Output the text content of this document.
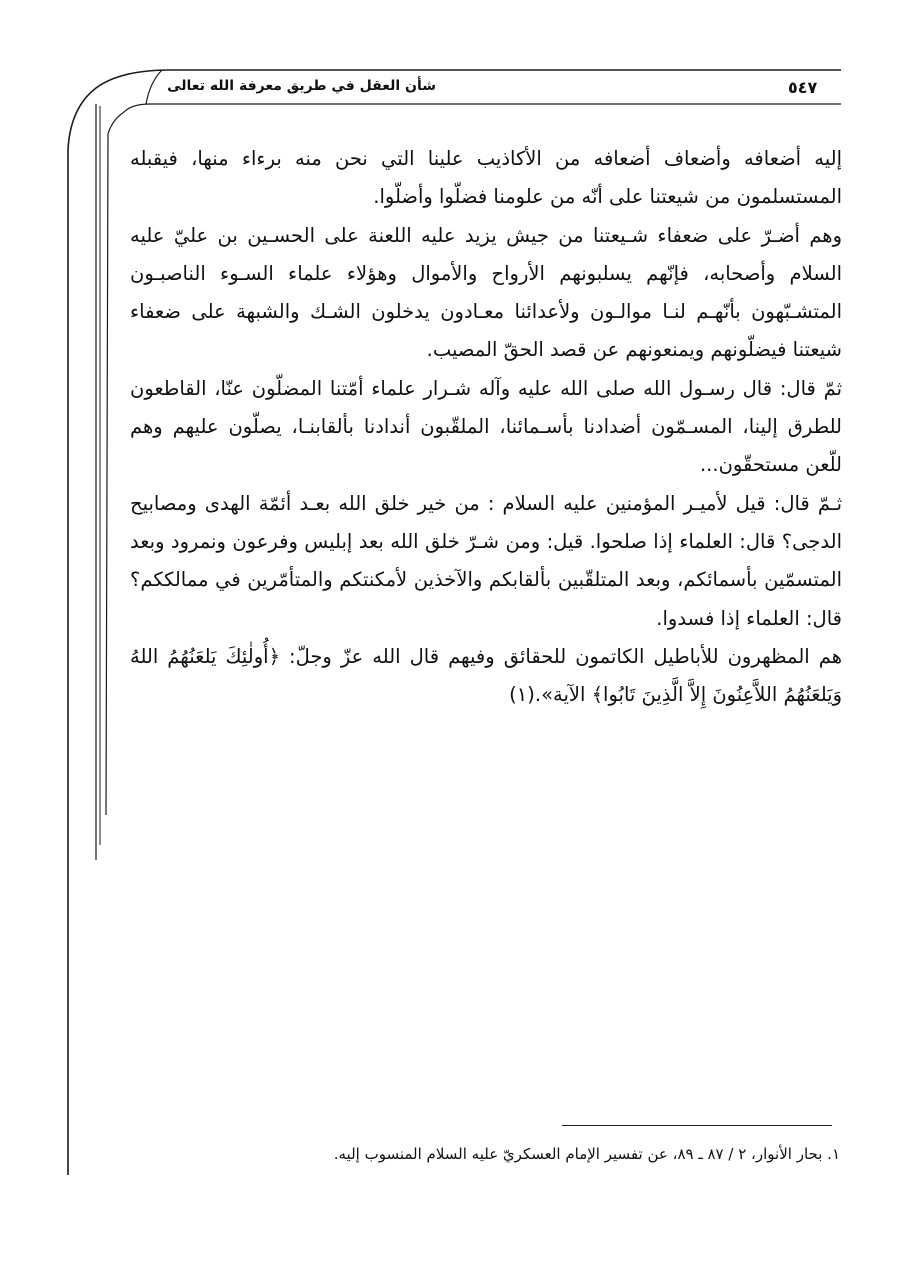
٥٤٧
شأن العقل في طريق معرفة الله تعالى

إليه أضعافه وأضعاف أضعافه من الأكاذيب علينا التي نحن منه برءاء منها، فيقبله المستسلمون من شيعتنا على أنّه من علومنا فضلّوا وأضلّوا.

وهم أضـرّ على ضعفاء شـيعتنا من جيش يزيد عليه اللعنة على الحسـين بن عليّ عليه السلام وأصحابه، فإنّهم يسلبونهم الأرواح والأموال وهؤلاء علماء السـوء الناصبـون المتشـبّهون بأنّهـم لنـا موالـون ولأعدائنا معـادون يدخلون الشـك والشبهة على ضعفاء شيعتنا فيضلّونهم ويمنعونهم عن قصد الحقّ المصيب.

ثمّ قال: قال رسـول الله صلى الله عليه وآله شـرار علماء أمّتنا المضلّون عنّا، القاطعون للطرق إلينا، المسـمّون أضدادنا بأسـمائنا، الملقّبون أندادنا بألقابنـا، يصلّون عليهم وهم للّعن مستحقّون...

ثـمّ قال: قيل لأميـر المؤمنين عليه السلام : من خير خلق الله بعـد أئمّة الهدى ومصابيح الدجى؟ قال: العلماء إذا صلحوا. قيل: ومن شـرّ خلق الله بعد إبليس وفرعون ونمرود وبعد المتسمّين بأسمائكم، وبعد المتلقّبين بألقابكم والآخذين لأمكنتكم والمتأمّرين في ممالككم؟ قال: العلماء إذا فسدوا.

هم المظهرون للأباطيل الكاتمون للحقائق وفيهم قال الله عزّ وجلّ: ﴿أُولٰئِكَ يَلعَنُهُمُ اللهُ وَيَلعَنُهُمُ اللاَّعِنُونَ إِلاَّ الَّذِينَ تَابُوا﴾ الآية».(١)

١. بحار الأنوار، ٢ / ٨٧ ـ ٨٩، عن تفسير الإمام العسكريّ عليه السلام المنسوب إليه.
